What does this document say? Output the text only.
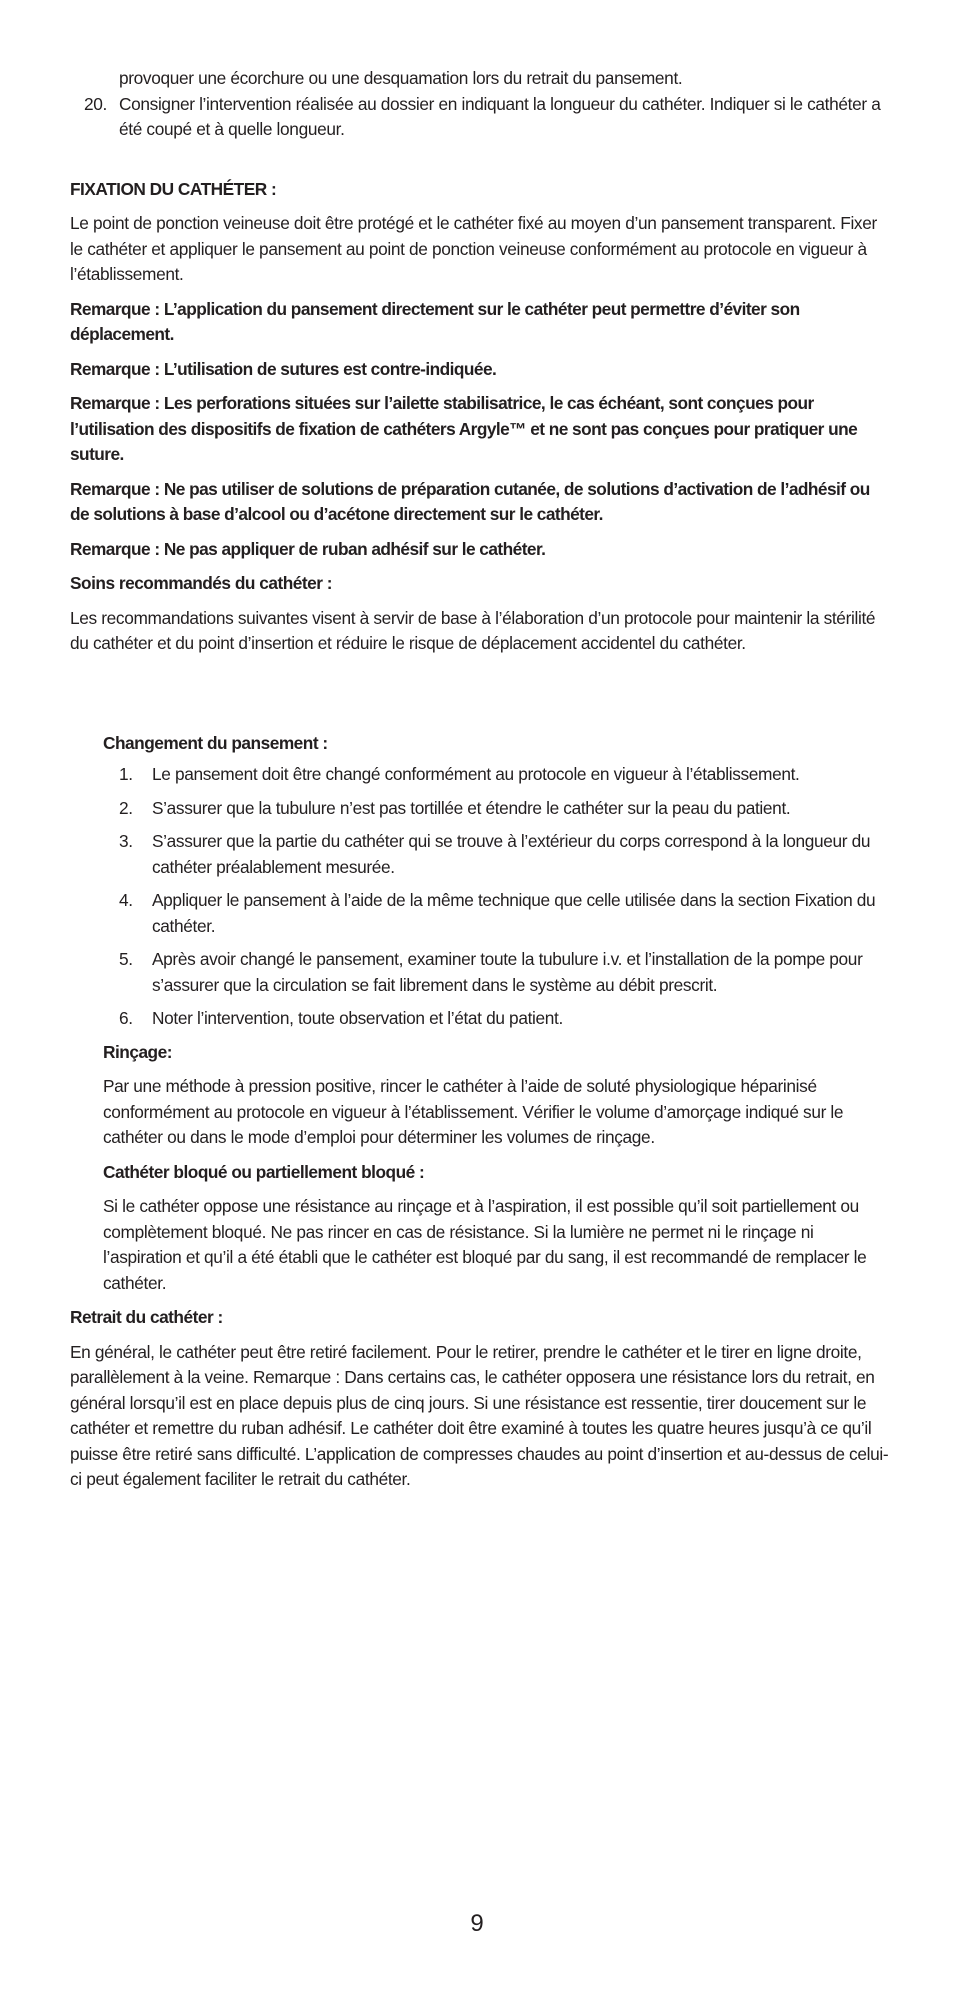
provoquer une écorchure ou une desquamation lors du retrait du pansement.

20. Consigner l’intervention réalisée au dossier en indiquant la longueur du cathéter. Indiquer si le cathéter a été coupé et à quelle longueur.

FIXATION DU CATHÉTER :

Le point de ponction veineuse doit être protégé et le cathéter fixé au moyen d’un pansement transparent. Fixer le cathéter et appliquer le pansement au point de ponction veineuse conformément au protocole en vigueur à l’établissement.

Remarque : L’application du pansement directement sur le cathéter peut permettre d’éviter son déplacement.

Remarque : L’utilisation de sutures est contre-indiquée.

Remarque : Les perforations situées sur l’ailette stabilisatrice, le cas échéant, sont conçues pour l’utilisation des dispositifs de fixation de cathéters Argyle™ et ne sont pas conçues pour pratiquer une suture.

Remarque : Ne pas utiliser de solutions de préparation cutanée, de solutions d’activation de l’adhésif ou de solutions à base d’alcool ou d’acétone directement sur le cathéter.

Remarque : Ne pas appliquer de ruban adhésif sur le cathéter.

Soins recommandés du cathéter :

Les recommandations suivantes visent à servir de base à l’élaboration d’un protocole pour maintenir la stérilité du cathéter et du point d’insertion et réduire le risque de déplacement accidentel du cathéter.

Changement du pansement :

1. Le pansement doit être changé conformément au protocole en vigueur à l’établissement.
2. S’assurer que la tubulure n’est pas tortillée et étendre le cathéter sur la peau du patient.
3. S’assurer que la partie du cathéter qui se trouve à l’extérieur du corps correspond à la longueur du cathéter préalablement mesurée.
4. Appliquer le pansement à l’aide de la même technique que celle utilisée dans la section Fixation du cathéter.
5. Après avoir changé le pansement, examiner toute la tubulure i.v. et l’installation de la pompe pour s’assurer que la circulation se fait librement dans le système au débit prescrit.
6. Noter l’intervention, toute observation et l’état du patient.

Rinçage:

Par une méthode à pression positive, rincer le cathéter à l’aide de soluté physiologique héparinisé conformément au protocole en vigueur à l’établissement. Vérifier le volume d’amorçage indiqué sur le cathéter ou dans le mode d’emploi pour déterminer les volumes de rinçage.

Cathéter bloqué ou partiellement bloqué :

Si le cathéter oppose une résistance au rinçage et à l’aspiration, il est possible qu’il soit partiellement ou complètement bloqué. Ne pas rincer en cas de résistance. Si la lumière ne permet ni le rinçage ni l’aspiration et qu’il a été établi que le cathéter est bloqué par du sang, il est recommandé de remplacer le cathéter.

Retrait du cathéter :

En général, le cathéter peut être retiré facilement. Pour le retirer, prendre le cathéter et le tirer en ligne droite, parallèlement à la veine. Remarque : Dans certains cas, le cathéter opposera une résistance lors du retrait, en général lorsqu’il est en place depuis plus de cinq jours. Si une résistance est ressentie, tirer doucement sur le cathéter et remettre du ruban adhésif. Le cathéter doit être examiné à toutes les quatre heures jusqu’à ce qu’il puisse être retiré sans difficulté. L’application de compresses chaudes au point d’insertion et au-dessus de celui-ci peut également faciliter le retrait du cathéter.

9
